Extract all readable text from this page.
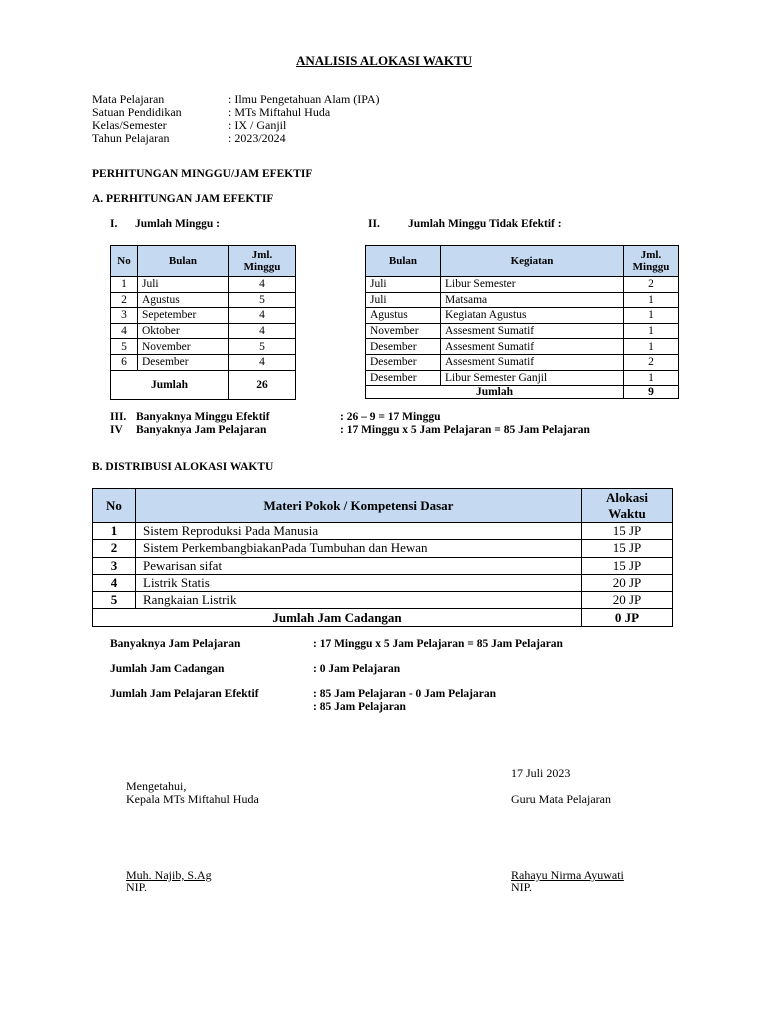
ANALISIS ALOKASI WAKTU
Mata Pelajaran	: Ilmu Pengetahuan Alam (IPA)
Satuan Pendidikan	: MTs Miftahul Huda
Kelas/Semester	: IX / Ganjil
Tahun Pelajaran	: 2023/2024
PERHITUNGAN MINGGU/JAM EFEKTIF
A. PERHITUNGAN JAM EFEKTIF
I. Jumlah Minggu :	II. Jumlah Minggu Tidak Efektif :
No	Bulan	Jml. Minggu
1	Juli	4
2	Agustus	5
3	Sepetember	4
4	Oktober	4
5	November	5
6	Desember	4
Jumlah		26
Bulan	Kegiatan	Jml. Minggu
Juli	Libur Semester	2
Juli	Matsama	1
Agustus	Kegiatan Agustus	1
November	Assesment Sumatif	1
Desember	Assesment Sumatif	1
Desember	Assesment Sumatif	2
Desember	Libur Semester Ganjil	1
Jumlah		9
III. Banyaknya Minggu Efektif	: 26 – 9 = 17 Minggu
IV Banyaknya Jam Pelajaran	: 17 Minggu x 5 Jam Pelajaran = 85 Jam Pelajaran
B. DISTRIBUSI ALOKASI WAKTU
No	Materi Pokok / Kompetensi Dasar	Alokasi Waktu
1	Sistem Reproduksi Pada Manusia	15 JP
2	Sistem PerkembangbiakanPada Tumbuhan dan Hewan	15 JP
3	Pewarisan sifat	15 JP
4	Listrik Statis	20 JP
5	Rangkaian Listrik	20 JP
Jumlah Jam Cadangan		0 JP
Banyaknya Jam Pelajaran	: 17 Minggu x 5 Jam Pelajaran = 85 Jam Pelajaran
Jumlah Jam Cadangan	: 0 Jam Pelajaran
Jumlah Jam Pelajaran Efektif	: 85 Jam Pelajaran - 0 Jam Pelajaran
: 85 Jam Pelajaran
17 Juli 2023
Mengetahui,
Kepala MTs Miftahul Huda	Guru Mata Pelajaran
Muh. Najib, S.Ag
NIP.
Rahayu Nirma Ayuwati
NIP.
